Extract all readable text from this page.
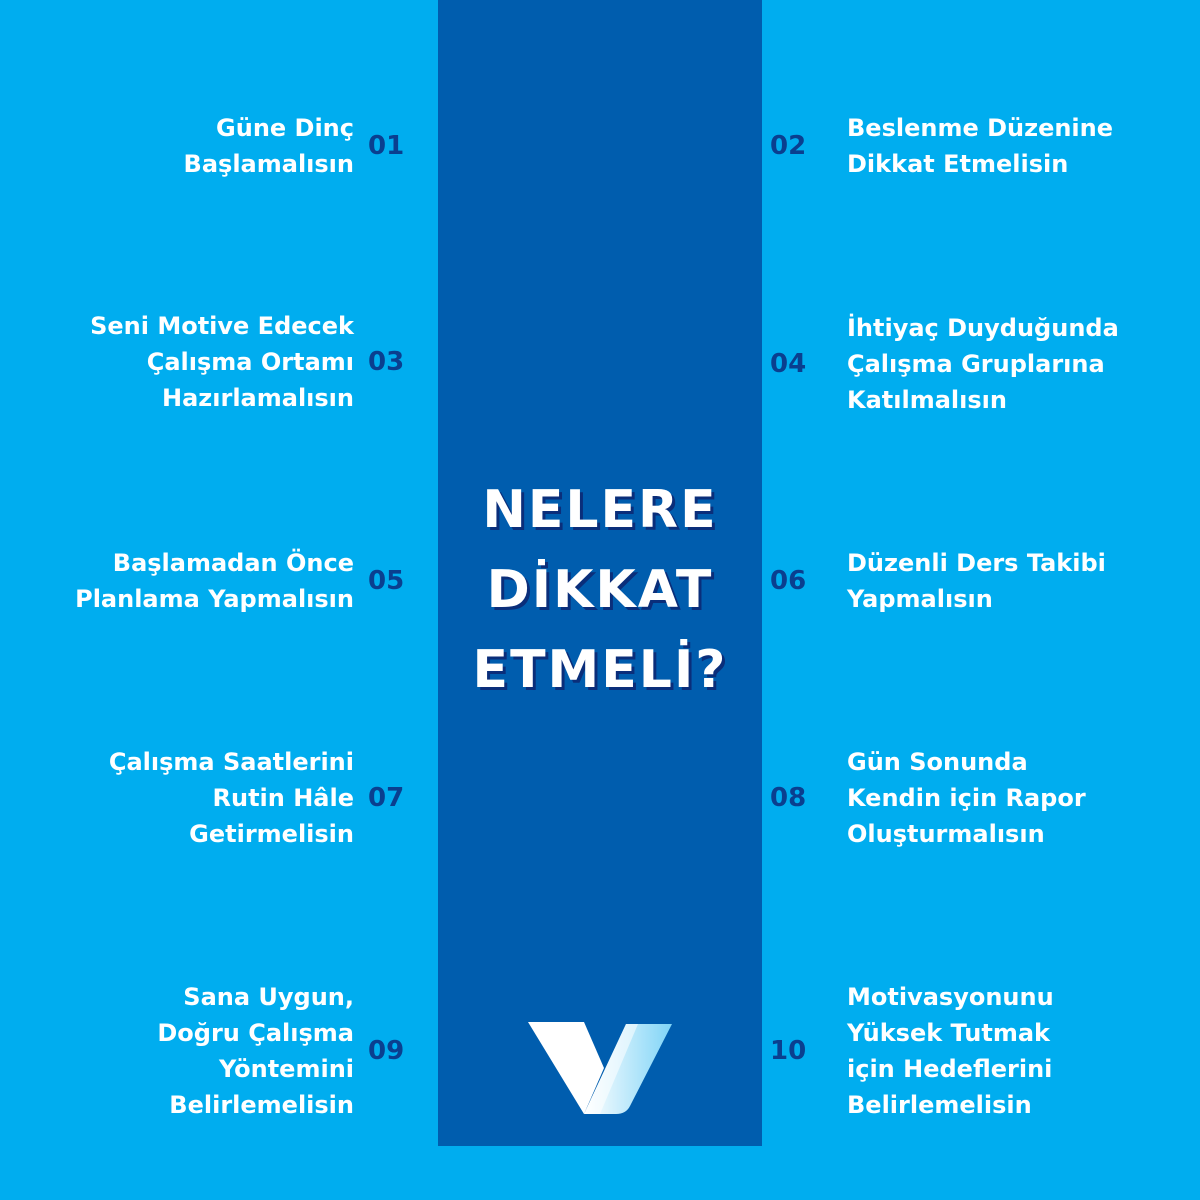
NELERE
DİKKAT
ETMELİ?
Güne Dinç
Başlamalısın
01
Seni Motive Edecek
Çalışma Ortamı
Hazırlamalısın
03
Başlamadan Önce
Planlama Yapmalısın
05
Çalışma Saatlerini
Rutin Hâle
Getirmelisin
07
Sana Uygun,
Doğru Çalışma
Yöntemini
Belirlemelisin
09
02
Beslenme Düzenine
Dikkat Etmelisin
04
İhtiyaç Duyduğunda
Çalışma Gruplarına
Katılmalısın
06
Düzenli Ders Takibi
Yapmalısın
08
Gün Sonunda
Kendin için Rapor
Oluşturmalısın
10
Motivasyonunu
Yüksek Tutmak
için Hedeflerini
Belirlemelisin
